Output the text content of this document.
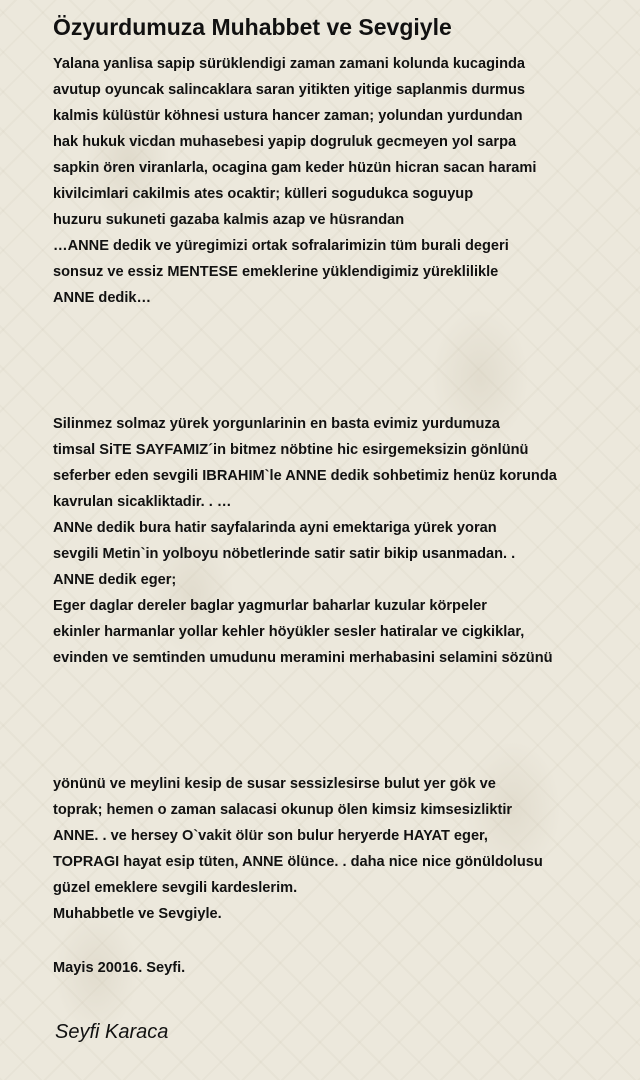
Özyurdumuza Muhabbet ve Sevgiyle
Yalana yanlisa sapip sürüklendigi zaman zamani kolunda kucaginda
avutup oyuncak salincaklara saran yitikten yitige saplanmis durmus
kalmis külüstür köhnesi ustura hancer zaman; yolundan yurdundan
hak hukuk vicdan muhasebesi yapip dogruluk gecmeyen yol sarpa
sapkin ören viranlarla, ocagina gam keder hüzün hicran sacan harami
kivilcimlari cakilmis ates ocaktir; külleri sogudukca soguyup
huzuru sukuneti gazaba kalmis azap ve hüsrandan
…ANNE dedik ve yüregimizi ortak sofralarimizin tüm burali degeri
sonsuz ve essiz MENTESE emeklerine yüklendigimiz yüreklilikle
ANNE dedik…
Silinmez solmaz yürek yorgunlarinin en basta evimiz yurdumuza
timsal SiTE SAYFAMIZ´in bitmez nöbtine hic esirgemeksizin gönlünü
seferber eden sevgili IBRAHIM`le ANNE dedik sohbetimiz henüz korunda
kavrulan sicakliktadir. . …
ANNe dedik bura hatir sayfalarinda ayni emektariga yürek yoran
sevgili Metin`in yolboyu nöbetlerinde satir satir bikip usanmadan. .
ANNE dedik eger;
Eger daglar dereler baglar yagmurlar baharlar kuzular körpeler
ekinler harmanlar yollar kehler höyükler sesler hatiralar ve cigkiklar,
evinden ve semtinden umudunu meramini merhabasini selamini sözünü
yönünü ve meylini kesip de susar sessizlesirse bulut yer gök ve
toprak; hemen o zaman salacasi okunup ölen kimsiz kimsesizliktir
ANNE. . ve hersey O`vakit ölür son bulur heryerde HAYAT eger,
TOPRAGI hayat esip tüten, ANNE ölünce. . daha nice nice gönüldolusu
güzel emeklere sevgili kardeslerim.
Muhabbetle ve Sevgiyle.
Mayis 20016. Seyfi.
Seyfi Karaca
